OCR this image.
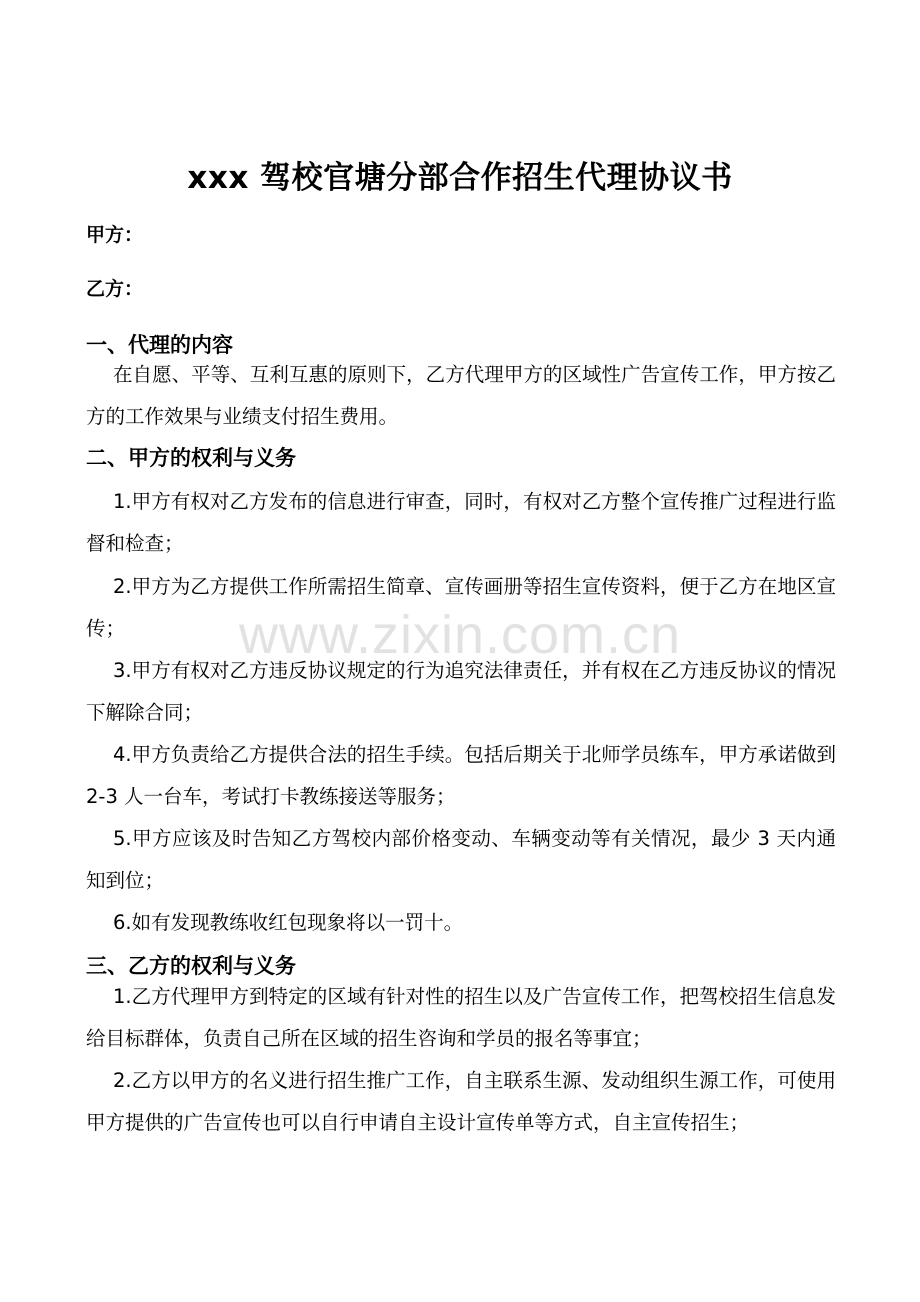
xxx 驾校官塘分部合作招生代理协议书
甲方：
乙方：
一、代理的内容

在自愿、平等、互利互惠的原则下，乙方代理甲方的区域性广告宣传工作，甲方按乙方的工作效果与业绩支付招生费用。

二、甲方的权利与义务

1.甲方有权对乙方发布的信息进行审查，同时，有权对乙方整个宣传推广过程进行监督和检查；

2.甲方为乙方提供工作所需招生简章、宣传画册等招生宣传资料，便于乙方在地区宣传；

3.甲方有权对乙方违反协议规定的行为追究法律责任，并有权在乙方违反协议的情况下解除合同；

4.甲方负责给乙方提供合法的招生手续。包括后期关于北师学员练车，甲方承诺做到 2-3 人一台车，考试打卡教练接送等服务；

5.甲方应该及时告知乙方驾校内部价格变动、车辆变动等有关情况，最少 3 天内通知到位；

6.如有发现教练收红包现象将以一罚十。

三、乙方的权利与义务

1.乙方代理甲方到特定的区域有针对性的招生以及广告宣传工作，把驾校招生信息发给目标群体，负责自己所在区域的招生咨询和学员的报名等事宜；

2.乙方以甲方的名义进行招生推广工作，自主联系生源、发动组织生源工作，可使用甲方提供的广告宣传也可以自行申请自主设计宣传单等方式，自主宣传招生；

www.zixin.com.cn
